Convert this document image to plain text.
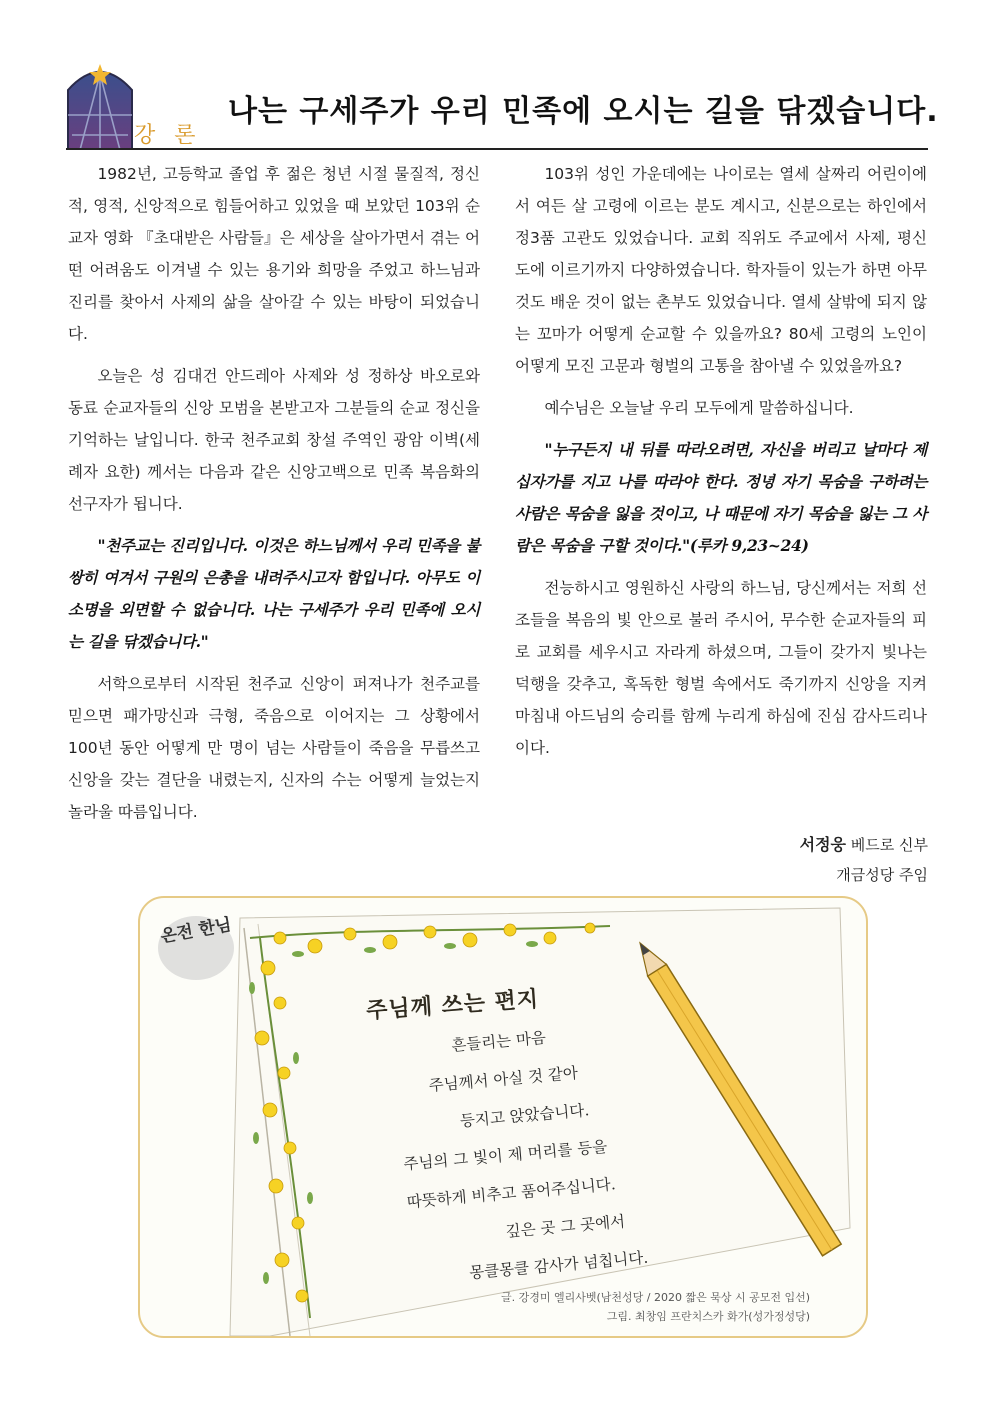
강 론
나는 구세주가 우리 민족에 오시는 길을 닦겠습니다.

1982년, 고등학교 졸업 후 젊은 청년 시절 물질적, 정신적, 영적, 신앙적으로 힘들어하고 있었을 때 보았던 103위 순교자 영화 『초대받은 사람들』은 세상을 살아가면서 겪는 어떤 어려움도 이겨낼 수 있는 용기와 희망을 주었고 하느님과 진리를 찾아서 사제의 삶을 살아갈 수 있는 바탕이 되었습니다.

오늘은 성 김대건 안드레아 사제와 성 정하상 바오로와 동료 순교자들의 신앙 모범을 본받고자 그분들의 순교 정신을 기억하는 날입니다. 한국 천주교회 창설 주역인 광암 이벽(세례자 요한) 께서는 다음과 같은 신앙고백으로 민족 복음화의 선구자가 됩니다.

"천주교는 진리입니다. 이것은 하느님께서 우리 민족을 불쌍히 여겨서 구원의 은총을 내려주시고자 함입니다. 아무도 이 소명을 외면할 수 없습니다. 나는 구세주가 우리 민족에 오시는 길을 닦겠습니다."

서학으로부터 시작된 천주교 신앙이 퍼져나가 천주교를 믿으면 패가망신과 극형, 죽음으로 이어지는 그 상황에서 100년 동안 어떻게 만 명이 넘는 사람들이 죽음을 무릅쓰고 신앙을 갖는 결단을 내렸는지, 신자의 수는 어떻게 늘었는지 놀라울 따름입니다.

103위 성인 가운데에는 나이로는 열세 살짜리 어린이에서 여든 살 고령에 이르는 분도 계시고, 신분으로는 하인에서 정3품 고관도 있었습니다. 교회 직위도 주교에서 사제, 평신도에 이르기까지 다양하였습니다. 학자들이 있는가 하면 아무것도 배운 것이 없는 촌부도 있었습니다. 열세 살밖에 되지 않는 꼬마가 어떻게 순교할 수 있을까요? 80세 고령의 노인이 어떻게 모진 고문과 형벌의 고통을 참아낼 수 있었을까요?

예수님은 오늘날 우리 모두에게 말씀하십니다.

"누구든지 내 뒤를 따라오려면, 자신을 버리고 날마다 제 십자가를 지고 나를 따라야 한다. 정녕 자기 목숨을 구하려는 사람은 목숨을 잃을 것이고, 나 때문에 자기 목숨을 잃는 그 사람은 목숨을 구할 것이다."(루카 9,23~24)

전능하시고 영원하신 사랑의 하느님, 당신께서는 저희 선조들을 복음의 빛 안으로 불러 주시어, 무수한 순교자들의 피로 교회를 세우시고 자라게 하셨으며, 그들이 갖가지 빛나는 덕행을 갖추고, 혹독한 형벌 속에서도 죽기까지 신앙을 지켜 마침내 아드님의 승리를 함께 누리게 하심에 진심 감사드리나이다.

서정웅 베드로 신부
개금성당 주임
온전 한님
주님께 쓰는 편지
흔들리는 마음
주님께서 아실 것 같아
등지고 앉았습니다.
주님의 그 빛이 제 머리를 등을
따뜻하게 비추고 품어주십니다.
깊은 곳 그 곳에서
몽클몽클 감사가 넘칩니다.
글. 강경미 엘리사벳(남천성당 / 2020 짧은 묵상 시 공모전 입선)
그림. 최창임 프란치스카 화가(성가정성당)
